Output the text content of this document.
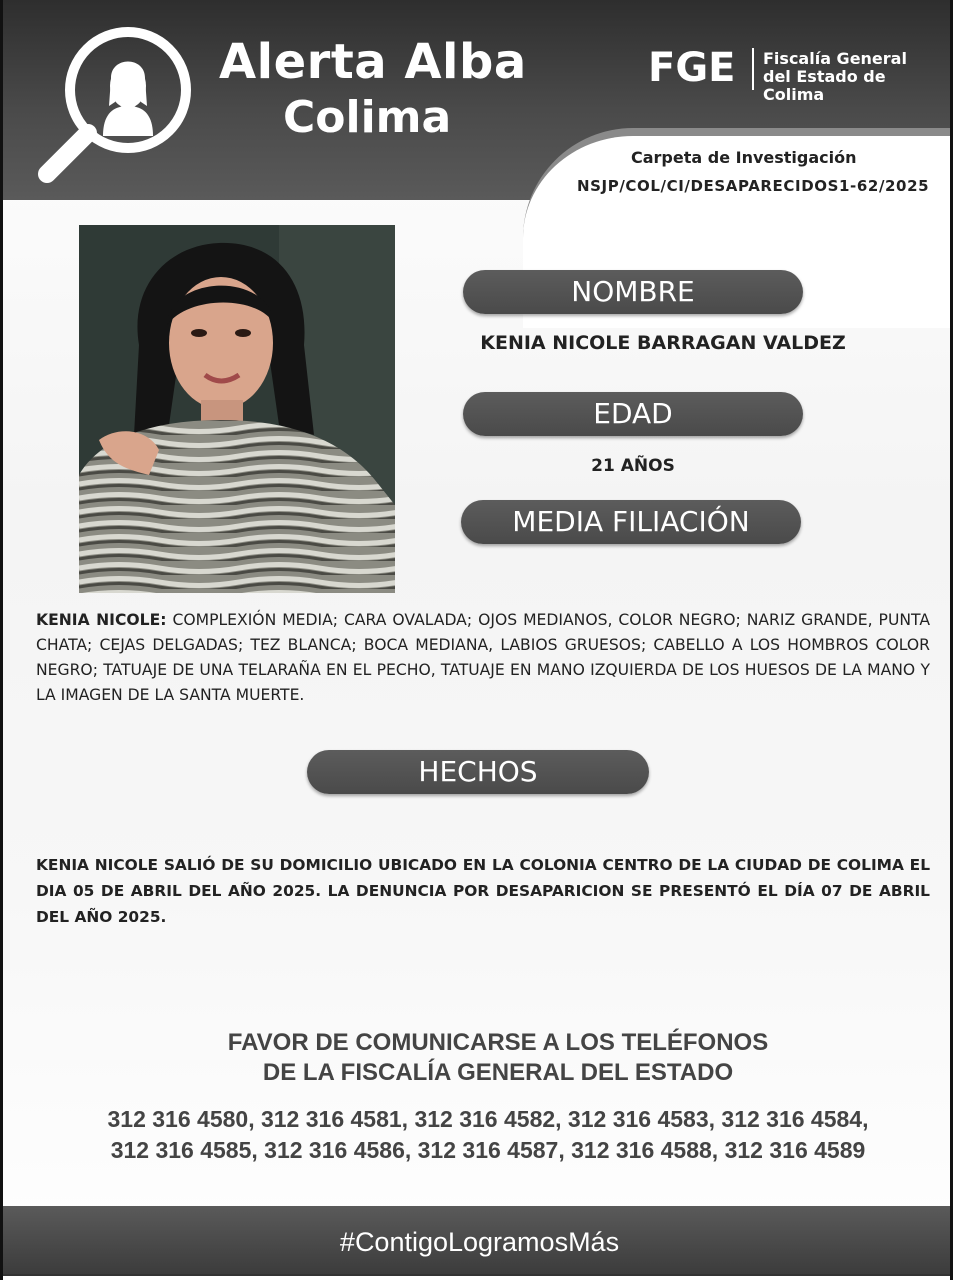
Alerta Alba
Colima
FGE Fiscalía General
del Estado de Colima
Carpeta de Investigación
NSJP/COL/CI/DESAPARECIDOS1-62/2025
NOMBRE
KENIA NICOLE BARRAGAN VALDEZ
EDAD
21 AÑOS
MEDIA FILIACIÓN
KENIA NICOLE: COMPLEXIÓN MEDIA; CARA OVALADA; OJOS MEDIANOS, COLOR NEGRO; NARIZ GRANDE, PUNTA CHATA; CEJAS DELGADAS; TEZ BLANCA; BOCA MEDIANA, LABIOS GRUESOS; CABELLO A LOS HOMBROS COLOR NEGRO; TATUAJE DE UNA TELARAÑA EN EL PECHO, TATUAJE EN MANO IZQUIERDA DE LOS HUESOS DE LA MANO Y LA IMAGEN DE LA SANTA MUERTE.
HECHOS
KENIA NICOLE SALIÓ DE SU DOMICILIO UBICADO EN LA COLONIA CENTRO DE LA CIUDAD DE COLIMA EL DIA 05 DE ABRIL DEL AÑO 2025. LA DENUNCIA POR DESAPARICION SE PRESENTÓ EL DÍA 07 DE ABRIL DEL AÑO 2025.
FAVOR DE COMUNICARSE A LOS TELÉFONOS
DE LA FISCALÍA GENERAL DEL ESTADO
312 316 4580, 312 316 4581, 312 316 4582, 312 316 4583, 312 316 4584, 312 316 4585, 312 316 4586, 312 316 4587, 312 316 4588, 312 316 4589
#ContigoLogramosMás
